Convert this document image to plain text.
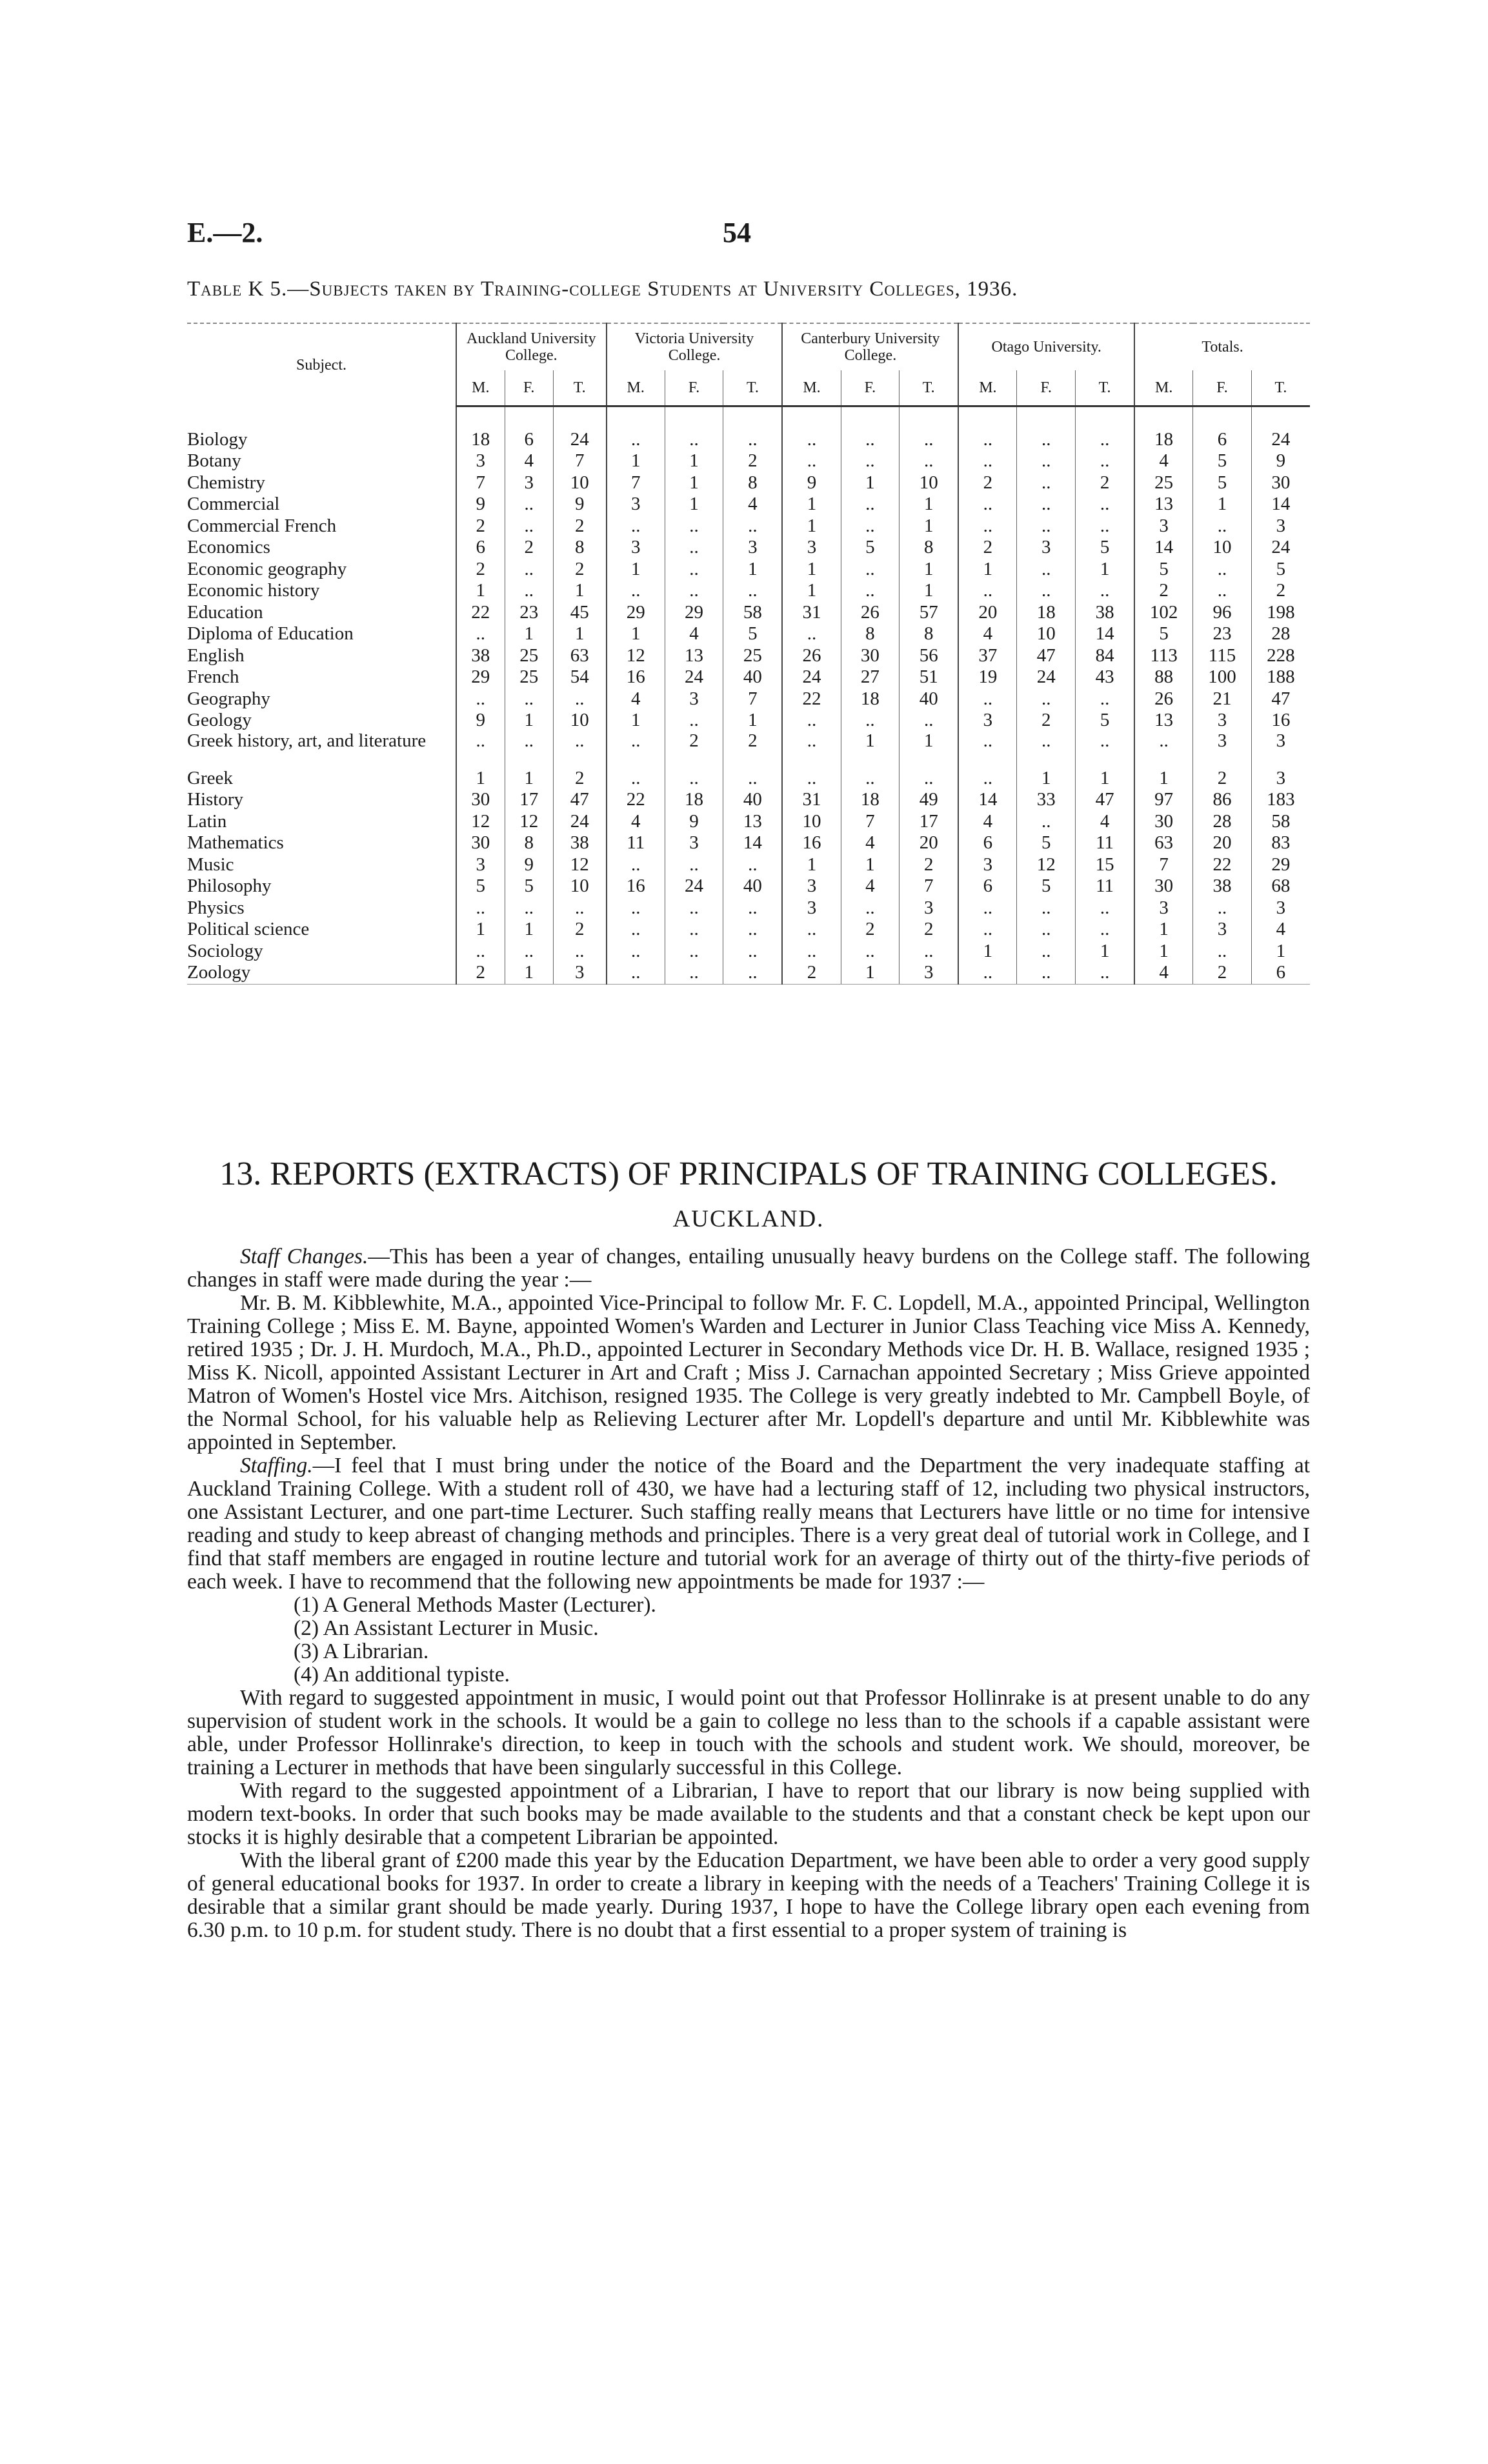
E.—2.	54
Table K 5.—Subjects taken by Training-college Students at University Colleges, 1936.
Subject.	Auckland University College.			Victoria University College.			Canterbury University College.			Otago University.			Totals.		
	M.	F.	T.	M.	F.	T.	M.	F.	T.	M.	F.	T.	M.	F.	T.

Biology	18	6	24	..	..	..	..	..	..	..	..	..	18	6	24
Botany	3	4	7	1	1	2	..	..	..	..	..	..	4	5	9
Chemistry	7	3	10	7	1	8	9	1	10	2	..	2	25	5	30
Commercial	9	..	9	3	1	4	1	..	1	..	..	..	13	1	14
Commercial French	2	..	2	..	..	..	1	..	1	..	..	..	3	..	3
Economics	6	2	8	3	..	3	3	5	8	2	3	5	14	10	24
Economic geography	2	..	2	1	..	1	1	..	1	1	..	1	5	..	5
Economic history	1	..	1	..	..	..	1	..	1	..	..	..	2	..	2
Education	22	23	45	29	29	58	31	26	57	20	18	38	102	96	198
Diploma of Education	..	1	1	1	4	5	..	8	8	4	10	14	5	23	28
English	38	25	63	12	13	25	26	30	56	37	47	84	113	115	228
French	29	25	54	16	24	40	24	27	51	19	24	43	88	100	188
Geography	..	..	..	4	3	7	22	18	40	..	..	..	26	21	47
Geology	9	1	10	1	..	1	..	..	..	3	2	5	13	3	16
Greek history, art, and literature	..	..	..	..	2	2	..	1	1	..	..	..	..	3	3
Greek	1	1	2	..	..	..	..	..	..	..	1	1	1	2	3
History	30	17	47	22	18	40	31	18	49	14	33	47	97	86	183
Latin	12	12	24	4	9	13	10	7	17	4	..	4	30	28	58
Mathematics	30	8	38	11	3	14	16	4	20	6	5	11	63	20	83
Music	3	9	12	..	..	..	1	1	2	3	12	15	7	22	29
Philosophy	5	5	10	16	24	40	3	4	7	6	5	11	30	38	68
Physics	..	..	..	..	..	..	3	..	3	..	..	..	3	..	3
Political science	1	1	2	..	..	..	..	2	2	..	..	..	1	3	4
Sociology	..	..	..	..	..	..	..	..	..	1	..	1	1	..	1
Zoology	2	1	3	..	..	..	2	1	3	..	..	..	4	2	6
13. REPORTS (EXTRACTS) OF PRINCIPALS OF TRAINING COLLEGES.
AUCKLAND.

Staff Changes.—This has been a year of changes, entailing unusually heavy burdens on the College staff. The following changes in staff were made during the year :—

Mr. B. M. Kibblewhite, M.A., appointed Vice-Principal to follow Mr. F. C. Lopdell, M.A., appointed Principal, Wellington Training College ; Miss E. M. Bayne, appointed Women's Warden and Lecturer in Junior Class Teaching vice Miss A. Kennedy, retired 1935 ; Dr. J. H. Murdoch, M.A., Ph.D., appointed Lecturer in Secondary Methods vice Dr. H. B. Wallace, resigned 1935 ; Miss K. Nicoll, appointed Assistant Lecturer in Art and Craft ; Miss J. Carnachan appointed Secretary ; Miss Grieve appointed Matron of Women's Hostel vice Mrs. Aitchison, resigned 1935. The College is very greatly indebted to Mr. Campbell Boyle, of the Normal School, for his valuable help as Relieving Lecturer after Mr. Lopdell's departure and until Mr. Kibblewhite was appointed in September.

Staffing.—I feel that I must bring under the notice of the Board and the Department the very inadequate staffing at Auckland Training College. With a student roll of 430, we have had a lecturing staff of 12, including two physical instructors, one Assistant Lecturer, and one part-time Lecturer. Such staffing really means that Lecturers have little or no time for intensive reading and study to keep abreast of changing methods and principles. There is a very great deal of tutorial work in College, and I find that staff members are engaged in routine lecture and tutorial work for an average of thirty out of the thirty-five periods of each week. I have to recommend that the following new appointments be made for 1937 :—

(1) A General Methods Master (Lecturer).
(2) An Assistant Lecturer in Music.
(3) A Librarian.
(4) An additional typiste.

With regard to suggested appointment in music, I would point out that Professor Hollinrake is at present unable to do any supervision of student work in the schools. It would be a gain to college no less than to the schools if a capable assistant were able, under Professor Hollinrake's direction, to keep in touch with the schools and student work. We should, moreover, be training a Lecturer in methods that have been singularly successful in this College.

With regard to the suggested appointment of a Librarian, I have to report that our library is now being supplied with modern text-books. In order that such books may be made available to the students and that a constant check be kept upon our stocks it is highly desirable that a competent Librarian be appointed.

With the liberal grant of £200 made this year by the Education Department, we have been able to order a very good supply of general educational books for 1937. In order to create a library in keeping with the needs of a Teachers' Training College it is desirable that a similar grant should be made yearly. During 1937, I hope to have the College library open each evening from 6.30 p.m. to 10 p.m. for student study. There is no doubt that a first essential to a proper system of training is
